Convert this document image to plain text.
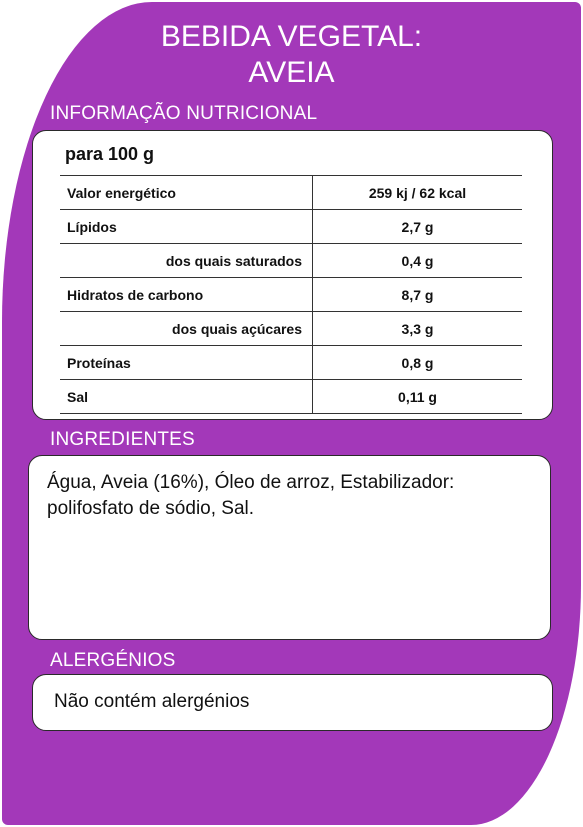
BEBIDA VEGETAL:
AVEIA
INFORMAÇÃO NUTRICIONAL
para 100 g
Valor energético	259 kj / 62 kcal
Lípidos	2,7 g
dos quais saturados	0,4 g
Hidratos de carbono	8,7 g
dos quais açúcares	3,3 g
Proteínas	0,8 g
Sal	0,11 g
INGREDIENTES
Água, Aveia (16%), Óleo de arroz, Estabilizador: polifosfato de sódio, Sal.
ALERGÉNIOS
Não contém alergénios
